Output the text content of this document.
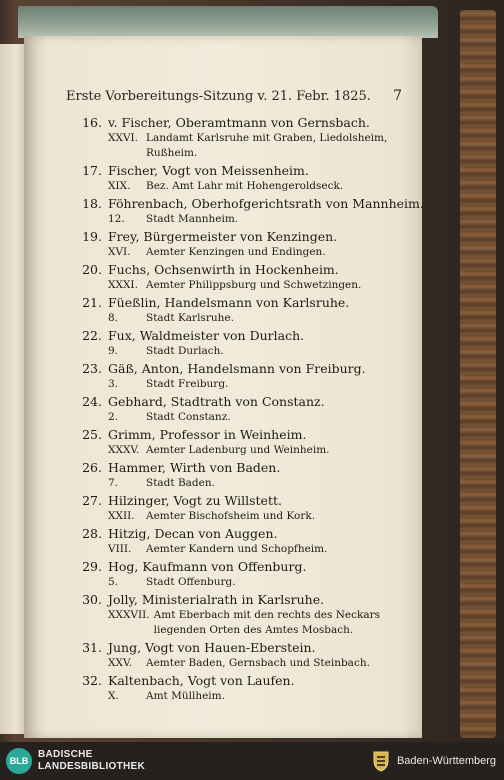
Erste Vorbereitungs-Sitzung v. 21. Febr. 1825. 7
16. v. Fischer, Oberamtmann von Gernsbach.
XXVI. Landamt Karlsruhe mit Graben, Liedolsheim, Rußheim.
17. Fischer, Vogt von Meissenheim.
XIX. Bez. Amt Lahr mit Hohengeroldseck.
18. Föhrenbach, Oberhofgerichtsrath von Mannheim.
12. Stadt Mannheim.
19. Frey, Bürgermeister von Kenzingen.
XVI. Aemter Kenzingen und Endingen.
20. Fuchs, Ochsenwirth in Hockenheim.
XXXI. Aemter Philippsburg und Schwetzingen.
21. Füeßlin, Handelsmann von Karlsruhe.
8.	Stadt Karlsruhe.
22. Fux, Waldmeister von Durlach.
9.	Stadt Durlach.
23. Gäß, Anton, Handelsmann von Freiburg.
3.	Stadt Freiburg.
24. Gebhard, Stadtrath von Constanz.
2.	Stadt Constanz.
25. Grimm, Professor in Weinheim.
XXXV. Aemter Ladenburg und Weinheim.
26. Hammer, Wirth von Baden.
7.	Stadt Baden.
27. Hilzinger, Vogt zu Willstett.
XXII. Aemter Bischofsheim und Kork.
28. Hitzig, Decan von Auggen.
VIII. Aemter Kandern und Schopfheim.
29. Hog, Kaufmann von Offenburg.
5.	Stadt Offenburg.
30. Jolly, Ministerialrath in Karlsruhe.
XXXVII. Amt Eberbach mit den rechts des Neckars liegenden Orten des Amtes Mosbach.
31. Jung, Vogt von Hauen-Eberstein.
XXV. Aemter Baden, Gernsbach und Steinbach.
32. Kaltenbach, Vogt von Laufen.
X.	Amt Müllheim.
BLB
BADISCHE
LANDESBIBLIOTHEK	Baden-Württemberg
